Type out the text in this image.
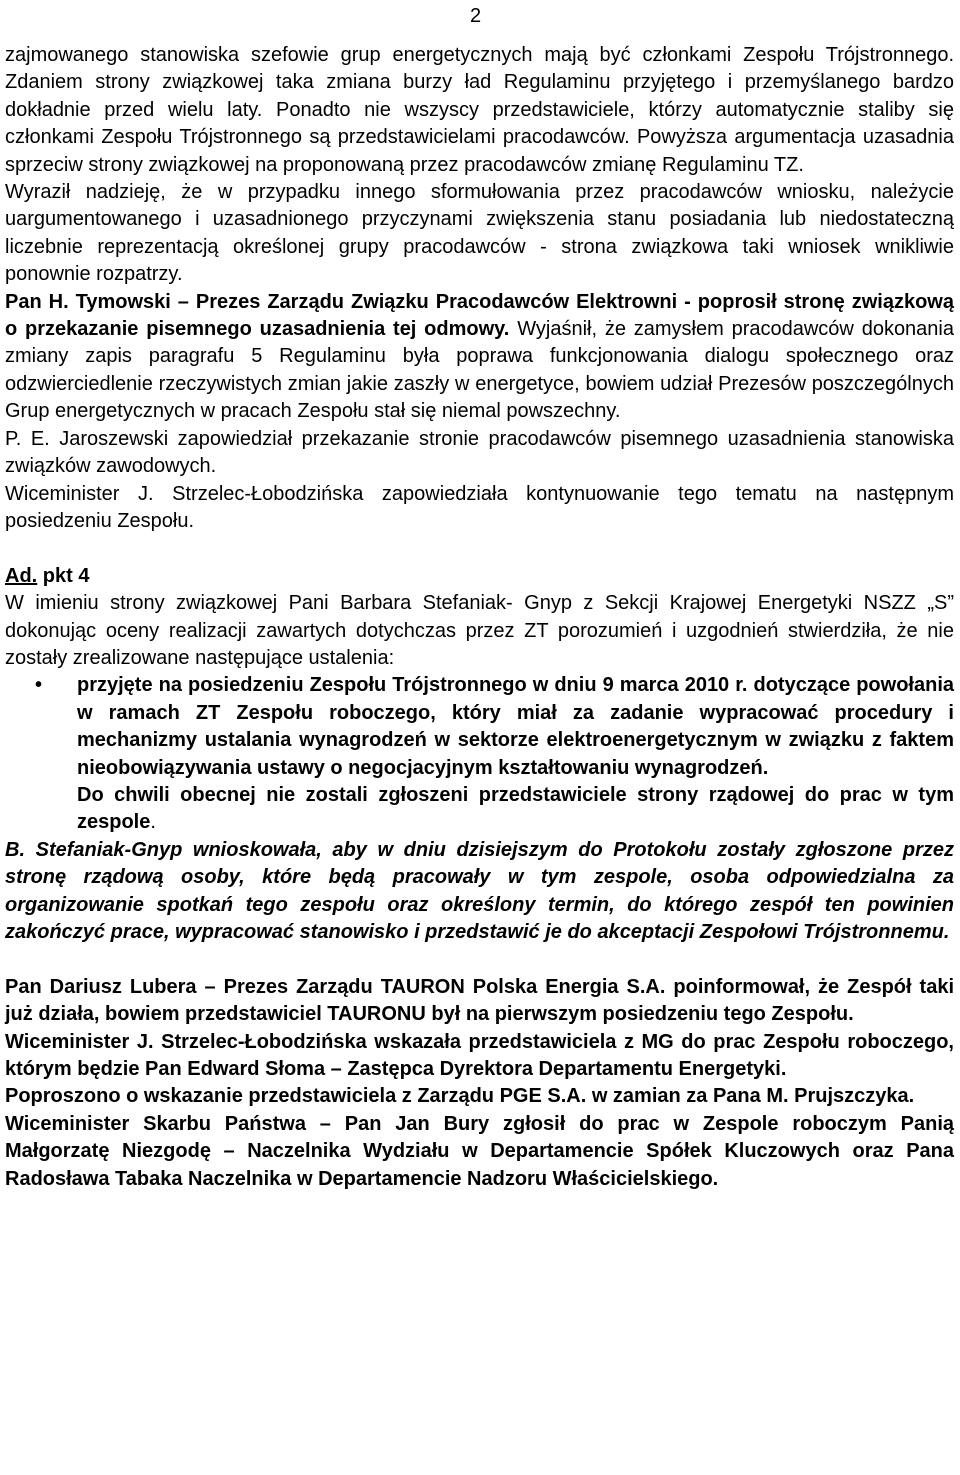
2

zajmowanego stanowiska szefowie grup energetycznych mają być członkami Zespołu Trójstronnego. Zdaniem strony związkowej taka zmiana burzy ład Regulaminu przyjętego i przemyślanego bardzo dokładnie przed wielu laty. Ponadto nie wszyscy przedstawiciele, którzy automatycznie staliby się członkami Zespołu Trójstronnego są przedstawicielami pracodawców. Powyższa argumentacja uzasadnia sprzeciw strony związkowej na proponowaną przez pracodawców zmianę Regulaminu TZ.

Wyraził nadzieję, że w przypadku innego sformułowania przez pracodawców wniosku, należycie uargumentowanego i uzasadnionego przyczynami zwiększenia stanu posiadania lub niedostateczną liczebnie reprezentacją określonej grupy pracodawców - strona związkowa taki wniosek wnikliwie ponownie rozpatrzy.

Pan H. Tymowski – Prezes Zarządu Związku Pracodawców Elektrowni - poprosił stronę związkową o przekazanie pisemnego uzasadnienia tej odmowy. Wyjaśnił, że zamysłem pracodawców dokonania zmiany zapis paragrafu 5 Regulaminu była poprawa funkcjonowania dialogu społecznego oraz odzwierciedlenie rzeczywistych zmian jakie zaszły w energetyce, bowiem udział Prezesów poszczególnych Grup energetycznych w pracach Zespołu stał się niemal powszechny.

P. E. Jaroszewski zapowiedział przekazanie stronie pracodawców pisemnego uzasadnienia stanowiska związków zawodowych.

Wiceminister J. Strzelec-Łobodzińska zapowiedziała kontynuowanie tego tematu na następnym posiedzeniu Zespołu.

Ad. pkt 4

W imieniu strony związkowej Pani Barbara Stefaniak- Gnyp z Sekcji Krajowej Energetyki NSZZ „S” dokonując oceny realizacji zawartych dotychczas przez ZT porozumień i uzgodnień stwierdziła, że nie zostały zrealizowane następujące ustalenia:

• przyjęte na posiedzeniu Zespołu Trójstronnego w dniu 9 marca 2010 r. dotyczące powołania w ramach ZT Zespołu roboczego, który miał za zadanie wypracować procedury i mechanizmy ustalania wynagrodzeń w sektorze elektroenergetycznym w związku z faktem nieobowiązywania ustawy o negocjacyjnym kształtowaniu wynagrodzeń.

Do chwili obecnej nie zostali zgłoszeni przedstawiciele strony rządowej do prac w tym zespole.

B. Stefaniak-Gnyp wnioskowała, aby w dniu dzisiejszym do Protokołu zostały zgłoszone przez stronę rządową osoby, które będą pracowały w tym zespole, osoba odpowiedzialna za organizowanie spotkań tego zespołu oraz określony termin, do którego zespół ten powinien zakończyć prace, wypracować stanowisko i przedstawić je do akceptacji Zespołowi Trójstronnemu.

Pan Dariusz Lubera – Prezes Zarządu TAURON Polska Energia S.A. poinformował, że Zespół taki już działa, bowiem przedstawiciel TAURONU był na pierwszym posiedzeniu tego Zespołu.

Wiceminister J. Strzelec-Łobodzińska wskazała przedstawiciela z MG do prac Zespołu roboczego, którym będzie Pan Edward Słoma – Zastępca Dyrektora Departamentu Energetyki.

Poproszono o wskazanie przedstawiciela z Zarządu PGE S.A. w zamian za Pana M. Prujszczyka.

Wiceminister Skarbu Państwa – Pan Jan Bury zgłosił do prac w Zespole roboczym Panią Małgorzatę Niezgodę – Naczelnika Wydziału w Departamencie Spółek Kluczowych oraz Pana Radosława Tabaka Naczelnika w Departamencie Nadzoru Właścicielskiego.
